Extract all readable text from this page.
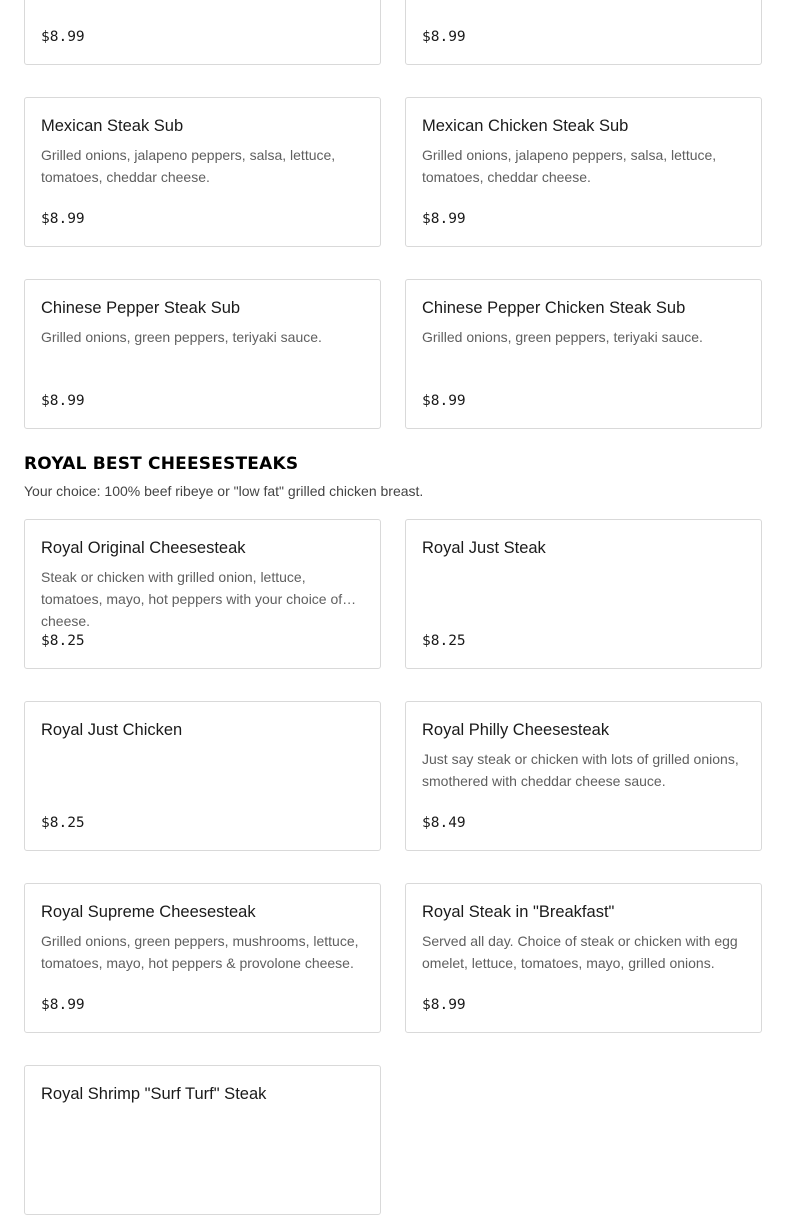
$8.99	$8.99
Mexican Steak Sub
Grilled onions, jalapeno peppers, salsa, lettuce, tomatoes, cheddar cheese.
$8.99
Mexican Chicken Steak Sub
Grilled onions, jalapeno peppers, salsa, lettuce, tomatoes, cheddar cheese.
$8.99
Chinese Pepper Steak Sub
Grilled onions, green peppers, teriyaki sauce.
$8.99
Chinese Pepper Chicken Steak Sub
Grilled onions, green peppers, teriyaki sauce.
$8.99
ROYAL BEST CHEESESTEAKS
Your choice: 100% beef ribeye or "low fat" grilled chicken breast.
Royal Original Cheesesteak
Steak or chicken with grilled onion, lettuce, tomatoes, mayo, hot peppers with your choice of cheese.
$8.25
Royal Just Steak
$8.25
Royal Just Chicken
$8.25
Royal Philly Cheesesteak
Just say steak or chicken with lots of grilled onions, smothered with cheddar cheese sauce.
$8.49
Royal Supreme Cheesesteak
Grilled onions, green peppers, mushrooms, lettuce, tomatoes, mayo, hot peppers & provolone cheese.
$8.99
Royal Steak in "Breakfast"
Served all day. Choice of steak or chicken with egg omelet, lettuce, tomatoes, mayo, grilled onions.
$8.99
Royal Shrimp "Surf Turf" Steak
